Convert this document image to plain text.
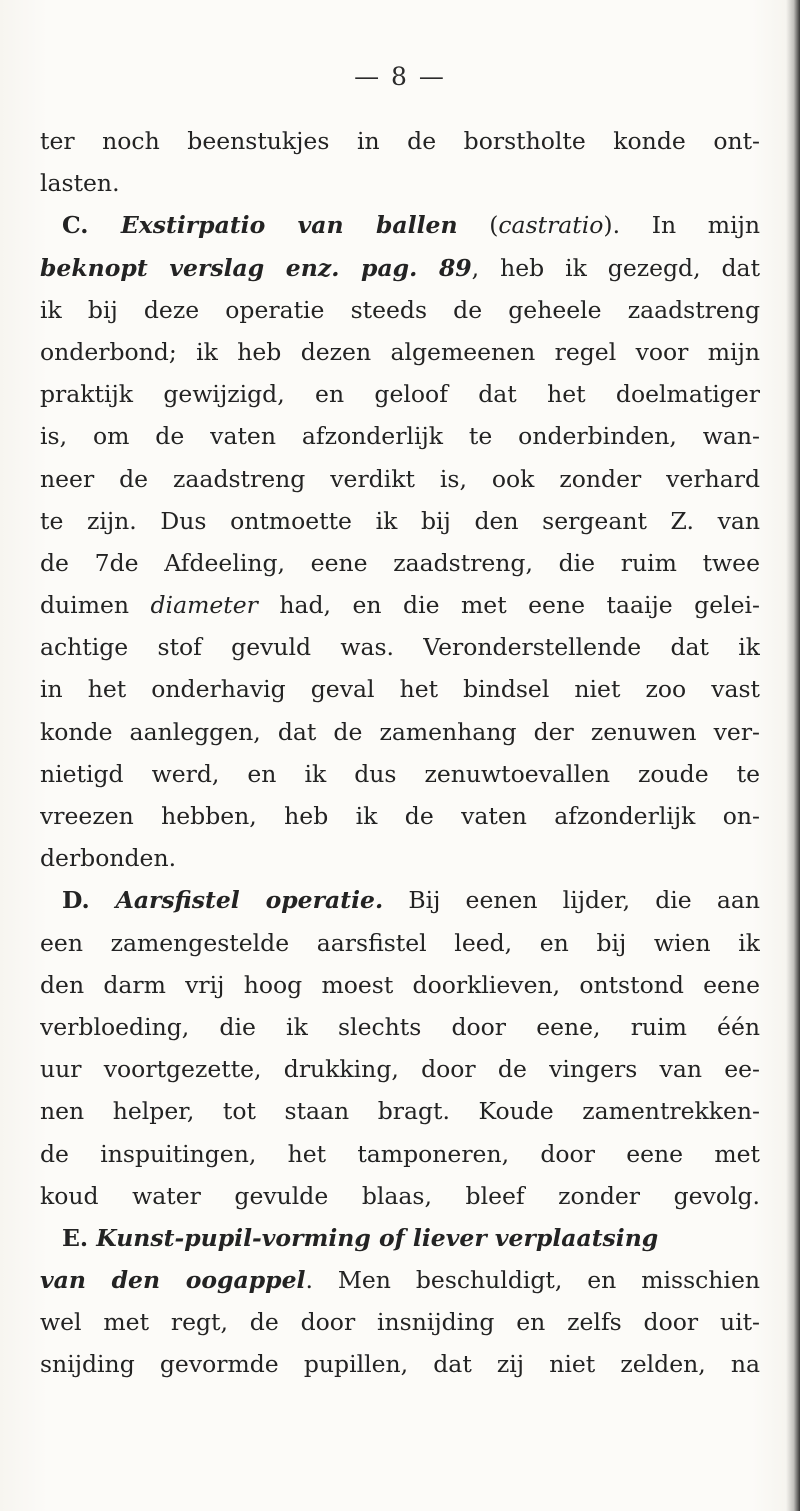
— 8 —
ter noch beenstukjes in de borstholte konde ont-
lasten.
C. Exstirpatio van ballen (castratio). In mijn
beknopt verslag enz. pag. 89, heb ik gezegd, dat
ik bij deze operatie steeds de geheele zaadstreng
onderbond; ik heb dezen algemeenen regel voor mijn
praktijk gewijzigd, en geloof dat het doelmatiger
is, om de vaten afzonderlijk te onderbinden, wan-
neer de zaadstreng verdikt is, ook zonder verhard
te zijn. Dus ontmoette ik bij den sergeant Z. van
de 7de Afdeeling, eene zaadstreng, die ruim twee
duimen diameter had, en die met eene taaije gelei-
achtige stof gevuld was. Veronderstellende dat ik
in het onderhavig geval het bindsel niet zoo vast
konde aanleggen, dat de zamenhang der zenuwen ver-
nietigd werd, en ik dus zenuwtoevallen zoude te
vreezen hebben, heb ik de vaten afzonderlijk on-
derbonden.
D. Aarsfistel operatie. Bij eenen lijder, die aan
een zamengestelde aarsfistel leed, en bij wien ik
den darm vrij hoog moest doorklieven, ontstond eene
verbloeding, die ik slechts door eene, ruim één
uur voortgezette, drukking, door de vingers van ee-
nen helper, tot staan bragt. Koude zamentrekken-
de inspuitingen, het tamponeren, door eene met
koud water gevulde blaas, bleef zonder gevolg.
E. Kunst-pupil-vorming of liever verplaatsing
van den oogappel. Men beschuldigt, en misschien
wel met regt, de door insnijding en zelfs door uit-
snijding gevormde pupillen, dat zij niet zelden, na
